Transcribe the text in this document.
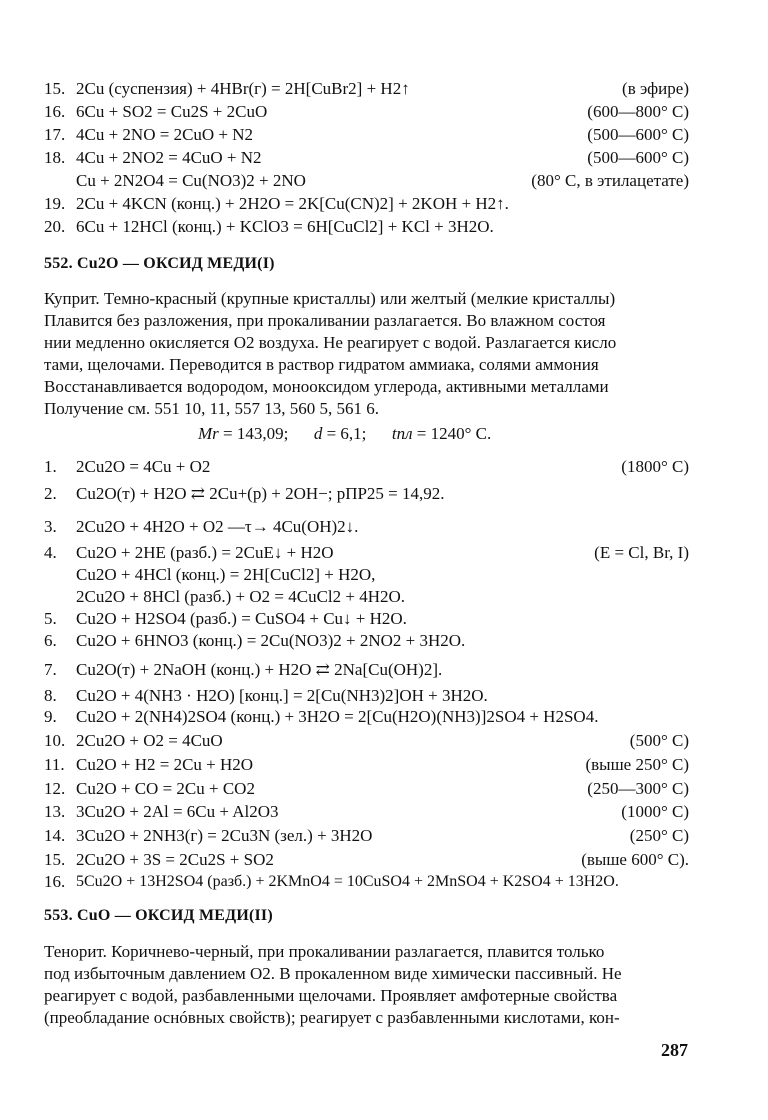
15. 2Cu (суспензия) + 4HBr(г) = 2H[CuBr2] + H2↑	(в эфире)
16. 6Cu + SO2 = Cu2S + 2CuO	(600—800° C)
17. 4Cu + 2NO = 2CuO + N2	(500—600° C)
18. 4Cu + 2NO2 = 4CuO + N2	(500—600° C)
Cu + 2N2O4 = Cu(NO3)2 + 2NO	(80° C, в этилацетате)
19. 2Cu + 4KCN (конц.) + 2H2O = 2K[Cu(CN)2] + 2KOH + H2↑.
20. 6Cu + 12HCl (конц.) + KClO3 = 6H[CuCl2] + KCl + 3H2O.
552. Cu2O — ОКСИД МЕДИ(I)
Куприт. Темно-красный (крупные кристаллы) или желтый (мелкие кристаллы)
Плавится без разложения, при прокаливании разлагается. Во влажном состоя
нии медленно окисляется O2 воздуха. Не реагирует с водой. Разлагается кисло
тами, щелочами. Переводится в раствор гидратом аммиака, солями аммония
Восстанавливается водородом, монооксидом углерода, активными металлами
Получение см. 551 10, 11, 557 13, 560 5, 561 6.
Mr = 143,09; d = 6,1; tпл = 1240° C.
1.	2Cu2O = 4Cu + O2	(1800° C)
2.	Cu2O(т) + H2O ⇄ 2Cu+(р) + 2OH−; pПР25 = 14,92.
3.	2Cu2O + 4H2O + O2 —τ→ 4Cu(OH)2↓.
4.	Cu2O + 2HE (разб.) = 2CuE↓ + H2O	(E = Cl, Br, I)
Cu2O + 4HCl (конц.) = 2H[CuCl2] + H2O,
2Cu2O + 8HCl (разб.) + O2 = 4CuCl2 + 4H2O.
5.	Cu2O + H2SO4 (разб.) = CuSO4 + Cu↓ + H2O.
6.	Cu2O + 6HNO3 (конц.) = 2Cu(NO3)2 + 2NO2 + 3H2O.
7.	Cu2O(т) + 2NaOH (конц.) + H2O ⇄ 2Na[Cu(OH)2].
8.	Cu2O + 4(NH3 · H2O) [конц.] = 2[Cu(NH3)2]OH + 3H2O.
9.	Cu2O + 2(NH4)2SO4 (конц.) + 3H2O = 2[Cu(H2O)(NH3)]2SO4 + H2SO4.
10. 2Cu2O + O2 = 4CuO	(500° C)
11. Cu2O + H2 = 2Cu + H2O	(выше 250° C)
12. Cu2O + CO = 2Cu + CO2	(250—300° C)
13. 3Cu2O + 2Al = 6Cu + Al2O3	(1000° C)
14. 3Cu2O + 2NH3(г) = 2Cu3N (зел.) + 3H2O	(250° C)
15. 2Cu2O + 3S = 2Cu2S + SO2	(выше 600° C).
16. 5Cu2O + 13H2SO4 (разб.) + 2KMnO4 = 10CuSO4 + 2MnSO4 + K2SO4 + 13H2O.
553. CuO — ОКСИД МЕДИ(II)
Тенорит. Коричнево-черный, при прокаливании разлагается, плавится только
под избыточным давлением O2. В прокаленном виде химически пассивный. Не
реагирует с водой, разбавленными щелочами. Проявляет амфотерные свойства
(преобладание оснóвных свойств); реагирует с разбавленными кислотами, кон-
287
